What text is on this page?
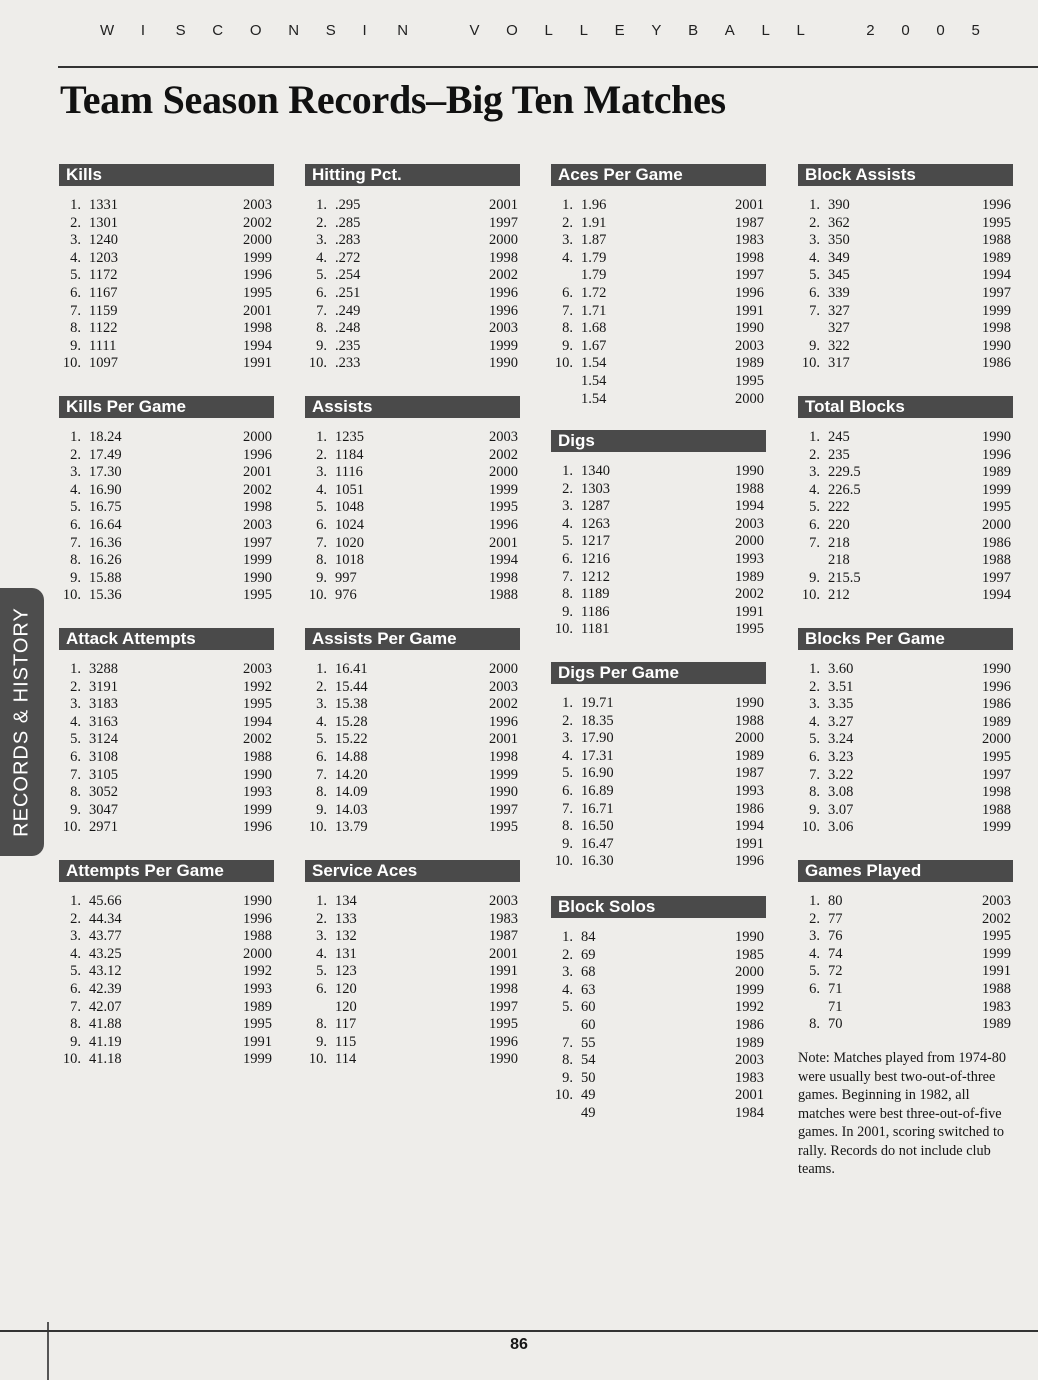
W I S C O N S I N	V O L L E Y B A L L	2 0 0 5
Team Season Records–Big Ten Matches
RECORDS & HISTORY
Kills
1. 1331	2003
2. 1301	2002
3. 1240	2000
4. 1203	1999
5. 1172	1996
6. 1167	1995
7. 1159	2001
8. 1122	1998
9. 1111	1994
10. 1097	1991
Kills Per Game
1. 18.24	2000
2. 17.49	1996
3. 17.30	2001
4. 16.90	2002
5. 16.75	1998
6. 16.64	2003
7. 16.36	1997
8. 16.26	1999
9. 15.88	1990
10. 15.36	1995
Attack Attempts
1. 3288	2003
2. 3191	1992
3. 3183	1995
4. 3163	1994
5. 3124	2002
6. 3108	1988
7. 3105	1990
8. 3052	1993
9. 3047	1999
10. 2971	1996
Attempts Per Game
1. 45.66	1990
2. 44.34	1996
3. 43.77	1988
4. 43.25	2000
5. 43.12	1992
6. 42.39	1993
7. 42.07	1989
8. 41.88	1995
9. 41.19	1991
10. 41.18	1999
Hitting Pct.
1. .295	2001
2. .285	1997
3. .283	2000
4. .272	1998
5. .254	2002
6. .251	1996
7. .249	1996
8. .248	2003
9. .235	1999
10. .233	1990
Assists
1. 1235	2003
2. 1184	2002
3. 1116	2000
4. 1051	1999
5. 1048	1995
6. 1024	1996
7. 1020	2001
8. 1018	1994
9. 997	1998
10. 976	1988
Assists Per Game
1. 16.41	2000
2. 15.44	2003
3. 15.38	2002
4. 15.28	1996
5. 15.22	2001
6. 14.88	1998
7. 14.20	1999
8. 14.09	1990
9. 14.03	1997
10. 13.79	1995
Service Aces
1. 134	2003
2. 133	1983
3. 132	1987
4. 131	2001
5. 123	1991
6. 120	1998
120	1997
8. 117	1995
9. 115	1996
10. 114	1990
Aces Per Game
1. 1.96	2001
2. 1.91	1987
3. 1.87	1983
4. 1.79	1998
1.79	1997
6. 1.72	1996
7. 1.71	1991
8. 1.68	1990
9. 1.67	2003
10. 1.54	1989
1.54	1995
1.54	2000
Digs
1. 1340	1990
2. 1303	1988
3. 1287	1994
4. 1263	2003
5. 1217	2000
6. 1216	1993
7. 1212	1989
8. 1189	2002
9. 1186	1991
10. 1181	1995
Digs Per Game
1. 19.71	1990
2. 18.35	1988
3. 17.90	2000
4. 17.31	1989
5. 16.90	1987
6. 16.89	1993
7. 16.71	1986
8. 16.50	1994
9. 16.47	1991
10. 16.30	1996
Block Solos
1. 84	1990
2. 69	1985
3. 68	2000
4. 63	1999
5. 60	1992
60	1986
7. 55	1989
8. 54	2003
9. 50	1983
10. 49	2001
49	1984
Block Assists
1. 390	1996
2. 362	1995
3. 350	1988
4. 349	1989
5. 345	1994
6. 339	1997
7. 327	1999
327	1998
9. 322	1990
10. 317	1986
Total Blocks
1. 245	1990
2. 235	1996
3. 229.5	1989
4. 226.5	1999
5. 222	1995
6. 220	2000
7. 218	1986
218	1988
9. 215.5	1997
10. 212	1994
Blocks Per Game
1. 3.60	1990
2. 3.51	1996
3. 3.35	1986
4. 3.27	1989
5. 3.24	2000
6. 3.23	1995
7. 3.22	1997
8. 3.08	1998
9. 3.07	1988
10. 3.06	1999
Games Played
1. 80	2003
2. 77	2002
3. 76	1995
4. 74	1999
5. 72	1991
6. 71	1988
71	1983
8. 70	1989
Note: Matches played from 1974-80 were usually best two-out-of-three games. Beginning in 1982, all matches were best three-out-of-five games. In 2001, scoring switched to rally. Records do not include club teams.
86
